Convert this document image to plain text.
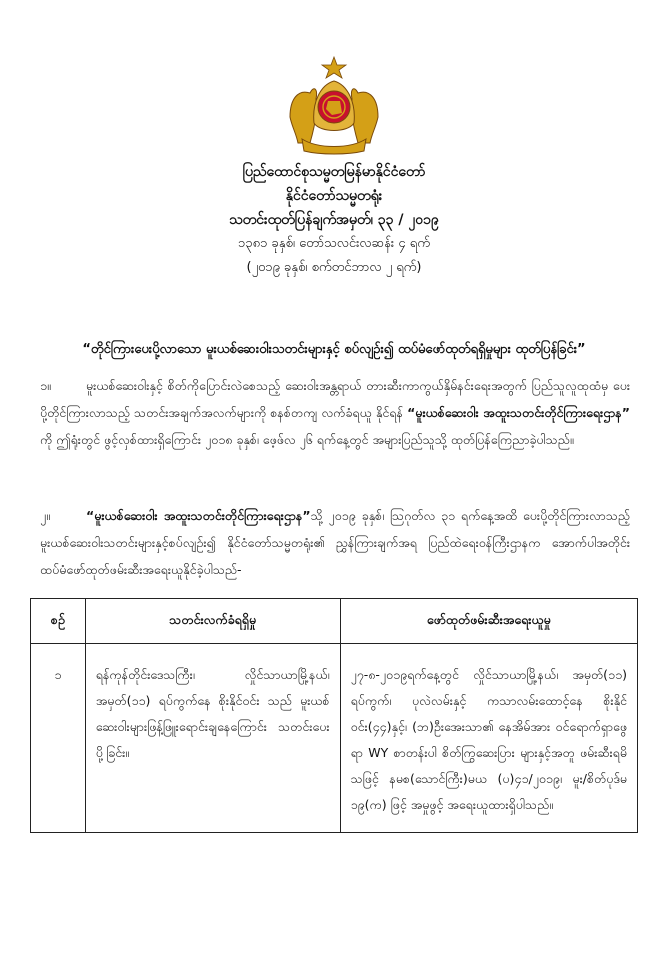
ပြည်ထောင်စုသမ္မတမြန်မာနိုင်ငံတော်
နိုင်ငံတော်သမ္မတရုံး
သတင်းထုတ်ပြန်ချက်အမှတ်၊ ၃၃ / ၂၀၁၉
၁၃၈၁ ခုနှစ်၊ တော်သလင်းလဆန်း ၄ ရက်
(၂၀၁၉ ခုနှစ်၊ စက်တင်ဘာလ ၂ ရက်)
“တိုင်ကြားပေးပို့လာသော မူးယစ်ဆေးဝါးသတင်းများနှင့် စပ်လျဉ်း၍ ထပ်မံဖော်ထုတ်ရရှိမှုများ ထုတ်ပြန်ခြင်း”
၁။	မူးယစ်ဆေးဝါးနှင့် စိတ်ကိုပြောင်းလဲစေသည့် ဆေးဝါးအန္တရာယ် တားဆီးကာကွယ်နှိမ်နင်းရေးအတွက် ပြည်သူလူထုထံမှ ပေးပို့တိုင်ကြားလာသည့် သတင်းအချက်အလက်များကို စနစ်တကျ လက်ခံရယူ နိုင်ရန် “မူးယစ်ဆေးဝါး အထူးသတင်းတိုင်ကြားရေးဌာန” ကို ဤရုံးတွင် ဖွင့်လှစ်ထားရှိကြောင်း ၂၀၁၈ ခုနှစ်၊ ဖေ့ဖ်လ ၂၆ ရက်နေ့တွင် အများပြည်သူသို့ ထုတ်ပြန်ကြေညာခဲ့ပါသည်။
၂။	“မူးယစ်ဆေးဝါး အထူးသတင်းတိုင်ကြားရေးဌာန”သို့ ၂၀၁၉ ခုနှစ်၊ ဩဂုတ်လ ၃၁ ရက်နေ့အထိ ပေးပို့တိုင်ကြားလာသည့် မူးယစ်ဆေးဝါးသတင်းများနှင့်စပ်လျဉ်း၍ နိုင်ငံတော်သမ္မတရုံး၏ ညွှန်ကြားချက်အရ ပြည်ထဲရေးဝန်ကြီးဌာနက အောက်ပါအတိုင်း ထပ်မံဖော်ထုတ်ဖမ်းဆီးအရေးယူနိုင်ခဲ့ပါသည်-
စဉ်	သတင်းလက်ခံရရှိမှု	ဖော်ထုတ်ဖမ်းဆီးအရေးယူမှု
၁	ရန်ကုန်တိုင်းဒေသကြီး၊ လှိုင်သာယာမြို့နယ်၊ အမှတ်(၁၁) ရပ်ကွက်နေ စိုးနိုင်ဝင်း သည် မူးယစ်ဆေးဝါးများဖြန့်ဖြူးရောင်းချနေကြောင်း သတင်းပေး ပို့ခြင်း။	၂၇-၈-၂၀၁၉ရက်နေ့တွင် လှိုင်သာယာမြို့နယ်၊ အမှတ်(၁၁) ရပ်ကွက်၊ ပုလဲလမ်းနှင့် ကသာလမ်းထောင့်နေ စိုးနိုင်ဝင်း(၄၄)နှင့်၊ (ဘ)ဦးအေးသာ၏ နေအိမ်အား ဝင်ရောက်ရှာဖွေရာ WY စာတန်းပါ စိတ်ကြွဆေးပြား များနှင့်အတူ ဖမ်းဆီးရမိသဖြင့် နမစ(သောင်ကြီး)မယ (ပ)၄၁/၂၀၁၉၊ မူး/စိတ်ပုဒ်မ ၁၉(က) ဖြင့် အမှုဖွင့် အရေးယူထားရှိပါသည်။
